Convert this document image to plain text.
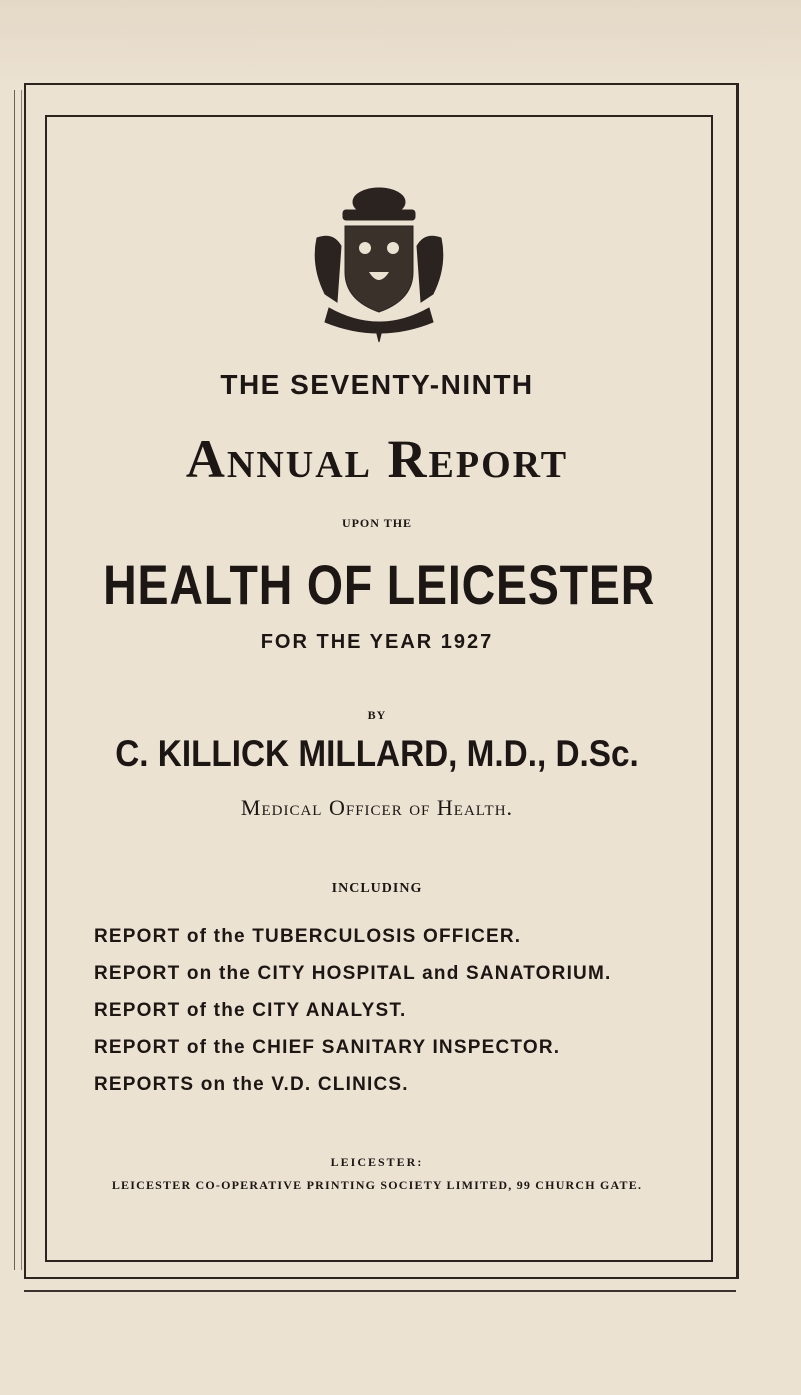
THE SEVENTY-NINTH

Annual Report

UPON THE

HEALTH OF LEICESTER

FOR THE YEAR 1927

BY

C. KILLICK MILLARD, M.D., D.Sc.

Medical Officer of Health.

INCLUDING

REPORT of the TUBERCULOSIS OFFICER.
REPORT on the CITY HOSPITAL and SANATORIUM.
REPORT of the CITY ANALYST.
REPORT of the CHIEF SANITARY INSPECTOR.
REPORTS on the V.D. CLINICS.

LEICESTER:

LEICESTER CO-OPERATIVE PRINTING SOCIETY LIMITED, 99 CHURCH GATE.
